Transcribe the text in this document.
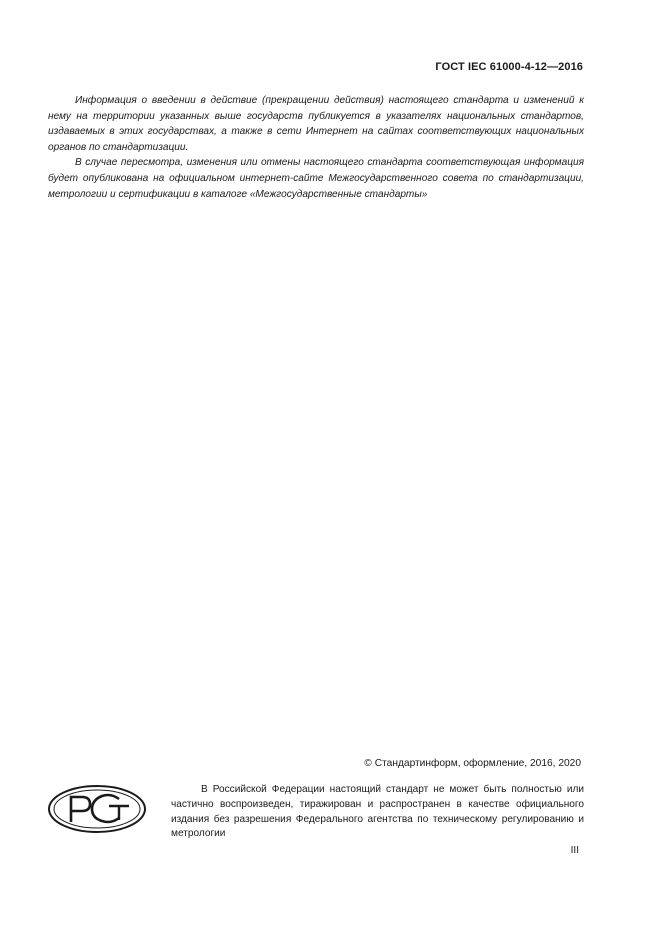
ГОСТ IEC 61000-4-12—2016

Информация о введении в действие (прекращении действия) настоящего стандарта и изменений к нему на территории указанных выше государств публикуется в указателях национальных стандартов, издаваемых в этих государствах, а также в сети Интернет на сайтах соответствующих национальных органов по стандартизации.

В случае пересмотра, изменения или отмены настоящего стандарта соответствующая информация будет опубликована на официальном интернет-сайте Межгосударственного совета по стандартизации, метрологии и сертификации в каталоге «Межгосударственные стандарты»

© Стандартинформ, оформление, 2016, 2020

В Российской Федерации настоящий стандарт не может быть полностью или частично воспроизведен, тиражирован и распространен в качестве официального издания без разрешения Федерального агентства по техническому регулированию и метрологии

III
